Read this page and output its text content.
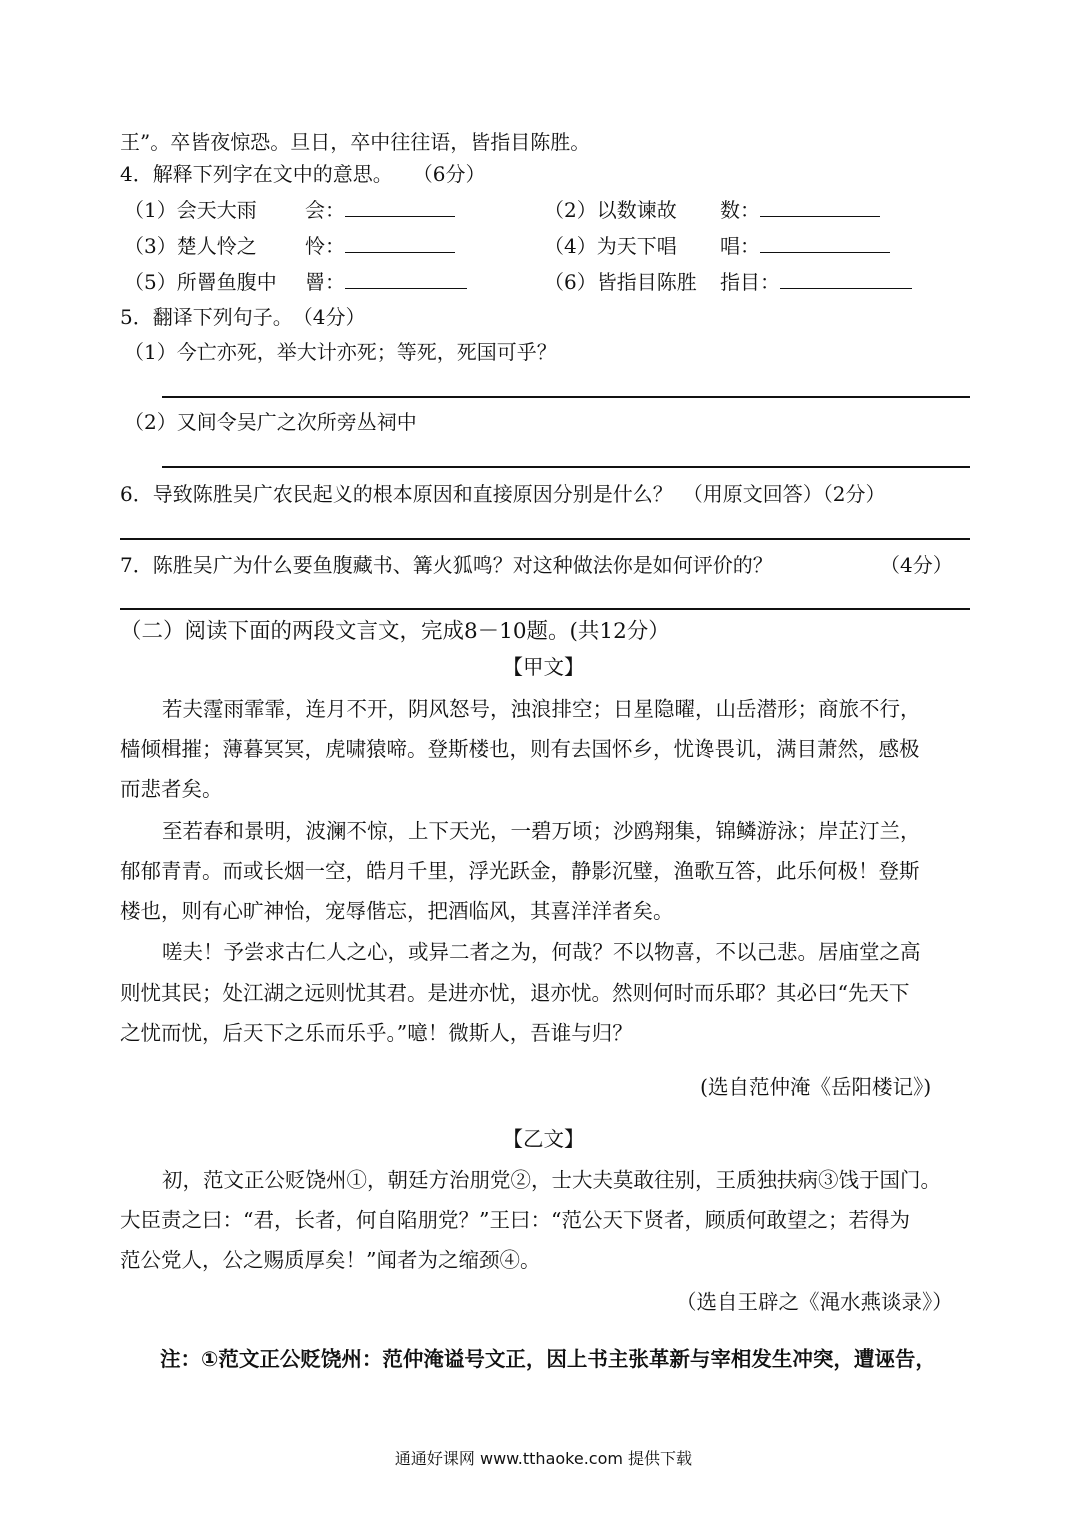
王”。卒皆夜惊恐。旦日，卒中往往语，皆指目陈胜。
4．解释下列字在文中的意思。　　（6分）
（1）会天大雨 会：	（2）以数谏故 数：
（3）楚人怜之 怜：	（4）为天下唱 唱：
（5）所罾鱼腹中 罾：	（6）皆指目陈胜 指目：
5．翻译下列句子。　（4分）
（1）今亡亦死，举大计亦死；等死，死国可乎？
（2）又间令吴广之次所旁丛祠中
6．导致陈胜吴广农民起义的根本原因和直接原因分别是什么？　（用原文回答）（2分）
7．陈胜吴广为什么要鱼腹藏书、篝火狐鸣？对这种做法你是如何评价的？	（4分）
（二）阅读下面的两段文言文，完成8－10题。(共12分）
【甲文】
若夫霪雨霏霏，连月不开，阴风怒号，浊浪排空；日星隐曜，山岳潜形；商旅不行，
樯倾楫摧；薄暮冥冥，虎啸猿啼。登斯楼也，则有去国怀乡，忧谗畏讥，满目萧然，感极
而悲者矣。
至若春和景明，波澜不惊，上下天光，一碧万顷；沙鸥翔集，锦鳞游泳；岸芷汀兰，
郁郁青青。而或长烟一空，皓月千里，浮光跃金，静影沉璧，渔歌互答，此乐何极！登斯
楼也，则有心旷神怡，宠辱偕忘，把酒临风，其喜洋洋者矣。
嗟夫！予尝求古仁人之心，或异二者之为，何哉？不以物喜，不以己悲。居庙堂之高
则忧其民；处江湖之远则忧其君。是进亦忧，退亦忧。然则何时而乐耶？其必曰“先天下
之忧而忧，后天下之乐而乐乎。”噫！微斯人，吾谁与归？
(选自范仲淹《岳阳楼记》)
【乙文】
初，范文正公贬饶州①，朝廷方治朋党②，士大夫莫敢往别，王质独扶病③饯于国门。
大臣责之曰：“君，长者，何自陷朋党？”王曰：“范公天下贤者，顾质何敢望之；若得为
范公党人，公之赐质厚矣！”闻者为之缩颈④。
（选自王辟之《渑水燕谈录》）
注：①范文正公贬饶州：范仲淹谥号文正，因上书主张革新与宰相发生冲突，遭诬告，
通通好课网 www.tthaoke.com 提供下载
